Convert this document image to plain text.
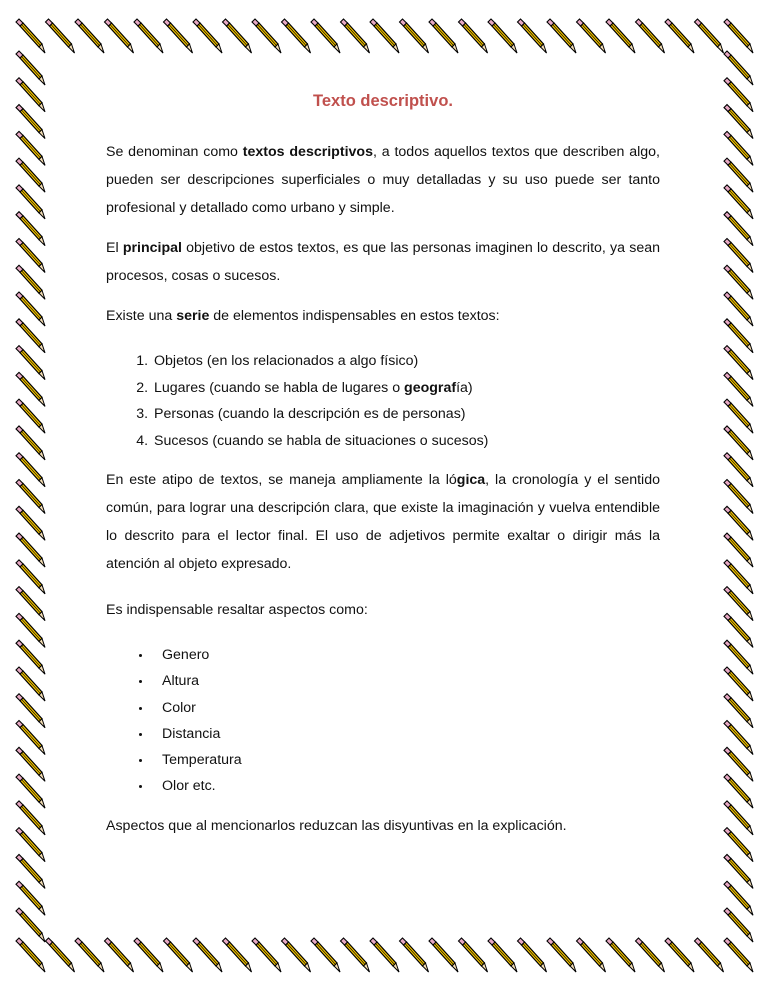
Texto descriptivo.

Se denominan como textos descriptivos, a todos aquellos textos que describen algo, pueden ser descripciones superficiales o muy detalladas y su uso puede ser tanto profesional y detallado como urbano y simple.

El principal objetivo de estos textos, es que las personas imaginen lo descrito, ya sean procesos, cosas o sucesos.

Existe una serie de elementos indispensables en estos textos:

1. Objetos (en los relacionados a algo físico)
2. Lugares (cuando se habla de lugares o geografía)
3. Personas (cuando la descripción es de personas)
4. Sucesos (cuando se habla de situaciones o sucesos)

En este atipo de textos, se maneja ampliamente la lógica, la cronología y el sentido común, para lograr una descripción clara, que existe la imaginación y vuelva entendible lo descrito para el lector final. El uso de adjetivos permite exaltar o dirigir más la atención al objeto expresado.

Es indispensable resaltar aspectos como:

• Genero
• Altura
• Color
• Distancia
• Temperatura
• Olor etc.

Aspectos que al mencionarlos reduzcan las disyuntivas en la explicación.
